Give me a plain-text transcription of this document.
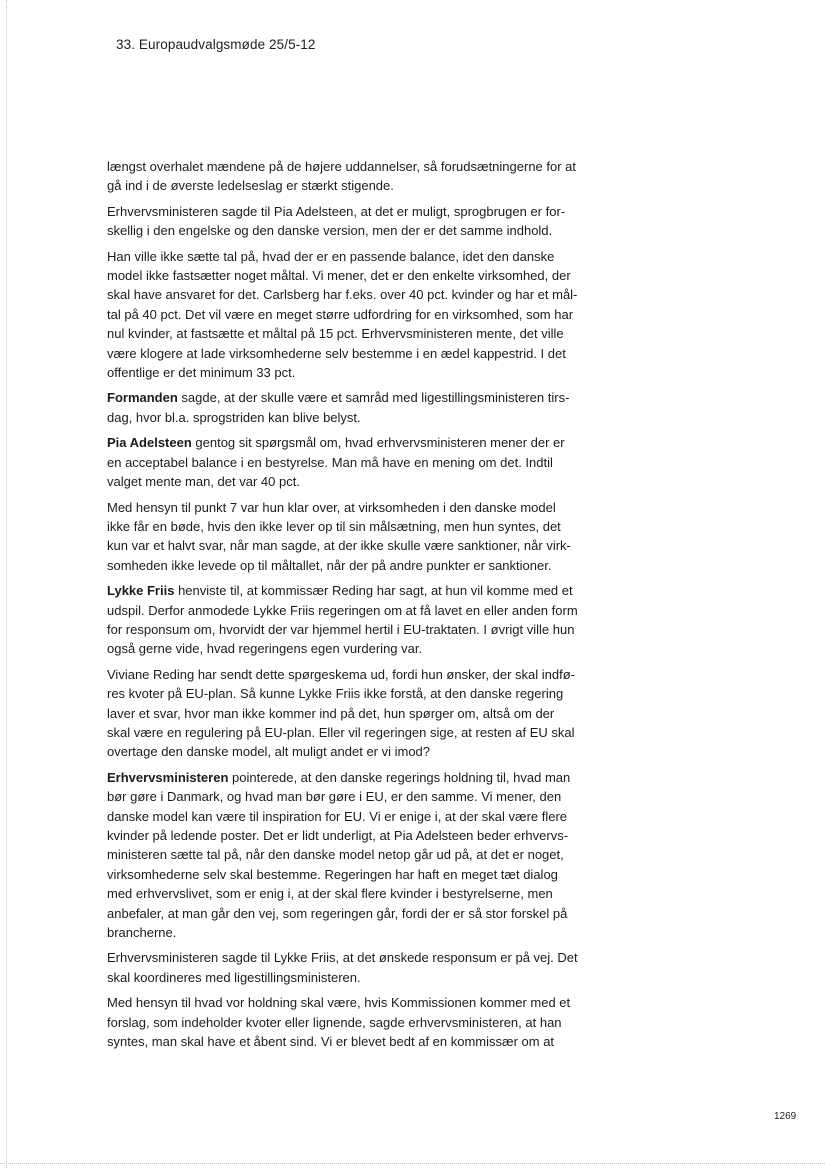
33. Europaudvalgsmøde 25/5-12

længst overhalet mændene på de højere uddannelser, så forudsætningerne for at
gå ind i de øverste ledelseslag er stærkt stigende.

Erhvervsministeren sagde til Pia Adelsteen, at det er muligt, sprogbrugen er for-
skellig i den engelske og den danske version, men der er det samme indhold.

Han ville ikke sætte tal på, hvad der er en passende balance, idet den danske
model ikke fastsætter noget måltal. Vi mener, det er den enkelte virksomhed, der
skal have ansvaret for det. Carlsberg har f.eks. over 40 pct. kvinder og har et mål-
tal på 40 pct. Det vil være en meget større udfordring for en virksomhed, som har
nul kvinder, at fastsætte et måltal på 15 pct. Erhvervsministeren mente, det ville
være klogere at lade virksomhederne selv bestemme i en ædel kappestrid. I det
offentlige er det minimum 33 pct.

Formanden sagde, at der skulle være et samråd med ligestillingsministeren tirs-
dag, hvor bl.a. sprogstriden kan blive belyst.

Pia Adelsteen gentog sit spørgsmål om, hvad erhvervsministeren mener der er
en acceptabel balance i en bestyrelse. Man må have en mening om det. Indtil
valget mente man, det var 40 pct.

Med hensyn til punkt 7 var hun klar over, at virksomheden i den danske model
ikke får en bøde, hvis den ikke lever op til sin målsætning, men hun syntes, det
kun var et halvt svar, når man sagde, at der ikke skulle være sanktioner, når virk-
somheden ikke levede op til måltallet, når der på andre punkter er sanktioner.

Lykke Friis henviste til, at kommissær Reding har sagt, at hun vil komme med et
udspil. Derfor anmodede Lykke Friis regeringen om at få lavet en eller anden form
for responsum om, hvorvidt der var hjemmel hertil i EU-traktaten. I øvrigt ville hun
også gerne vide, hvad regeringens egen vurdering var.

Viviane Reding har sendt dette spørgeskema ud, fordi hun ønsker, der skal indfø-
res kvoter på EU-plan. Så kunne Lykke Friis ikke forstå, at den danske regering
laver et svar, hvor man ikke kommer ind på det, hun spørger om, altså om der
skal være en regulering på EU-plan. Eller vil regeringen sige, at resten af EU skal
overtage den danske model, alt muligt andet er vi imod?

Erhvervsministeren pointerede, at den danske regerings holdning til, hvad man
bør gøre i Danmark, og hvad man bør gøre i EU, er den samme. Vi mener, den
danske model kan være til inspiration for EU. Vi er enige i, at der skal være flere
kvinder på ledende poster. Det er lidt underligt, at Pia Adelsteen beder erhvervs-
ministeren sætte tal på, når den danske model netop går ud på, at det er noget,
virksomhederne selv skal bestemme. Regeringen har haft en meget tæt dialog
med erhvervslivet, som er enig i, at der skal flere kvinder i bestyrelserne, men
anbefaler, at man går den vej, som regeringen går, fordi der er så stor forskel på
brancherne.

Erhvervsministeren sagde til Lykke Friis, at det ønskede responsum er på vej. Det
skal koordineres med ligestillingsministeren.

Med hensyn til hvad vor holdning skal være, hvis Kommissionen kommer med et
forslag, som indeholder kvoter eller lignende, sagde erhvervsministeren, at han
syntes, man skal have et åbent sind. Vi er blevet bedt af en kommissær om at

1269
